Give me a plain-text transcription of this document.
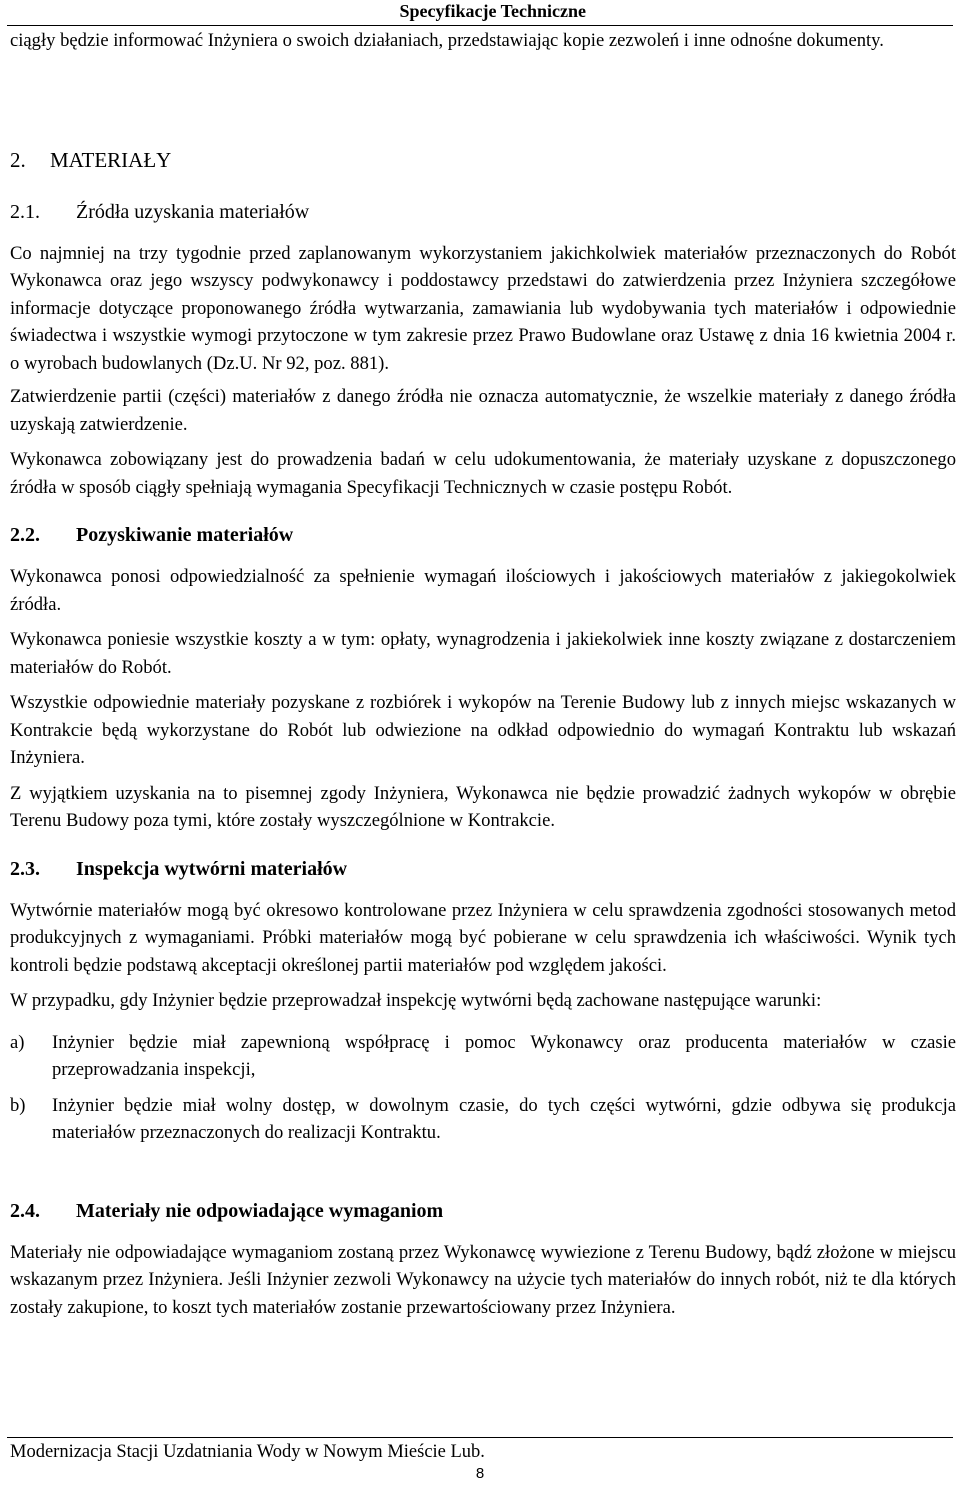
Specyfikacje Techniczne

ciągły będzie informować Inżyniera o swoich działaniach, przedstawiając kopie zezwoleń i inne odnośne dokumenty.

2. MATERIAŁY
2.1.	Źródła uzyskania materiałów

Co najmniej na trzy tygodnie przed zaplanowanym wykorzystaniem jakichkolwiek materiałów przeznaczonych do Robót Wykonawca oraz jego wszyscy podwykonawcy i poddostawcy przedstawi do zatwierdzenia przez Inżyniera szczegółowe informacje dotyczące proponowanego źródła wytwarzania, zamawiania lub wydobywania tych materiałów i odpowiednie świadectwa i wszystkie wymogi przytoczone w tym zakresie przez Prawo Budowlane oraz Ustawę z dnia 16 kwietnia 2004 r. o wyrobach budowlanych (Dz.U. Nr 92, poz. 881).

Zatwierdzenie partii (części) materiałów z danego źródła nie oznacza automatycznie, że wszelkie materiały z danego źródła uzyskają zatwierdzenie.

Wykonawca zobowiązany jest do prowadzenia badań w celu udokumentowania, że materiały uzyskane z dopuszczonego źródła w sposób ciągły spełniają wymagania Specyfikacji Technicznych w czasie postępu Robót.

2.2.	Pozyskiwanie materiałów

Wykonawca ponosi odpowiedzialność za spełnienie wymagań ilościowych i jakościowych materiałów z jakiegokolwiek źródła.

Wykonawca poniesie wszystkie koszty a w tym: opłaty, wynagrodzenia i jakiekolwiek inne koszty związane z dostarczeniem materiałów do Robót.

Wszystkie odpowiednie materiały pozyskane z rozbiórek i wykopów na Terenie Budowy lub z innych miejsc wskazanych w Kontrakcie będą wykorzystane do Robót lub odwiezione na odkład odpowiednio do wymagań Kontraktu lub wskazań Inżyniera.

Z wyjątkiem uzyskania na to pisemnej zgody Inżyniera, Wykonawca nie będzie prowadzić żadnych wykopów w obrębie Terenu Budowy poza tymi, które zostały wyszczególnione w Kontrakcie.

2.3.	Inspekcja wytwórni materiałów

Wytwórnie materiałów mogą być okresowo kontrolowane przez Inżyniera w celu sprawdzenia zgodności stosowanych metod produkcyjnych z wymaganiami. Próbki materiałów mogą być pobierane w celu sprawdzenia ich właściwości. Wynik tych kontroli będzie podstawą akceptacji określonej partii materiałów pod względem jakości.

W przypadku, gdy Inżynier będzie przeprowadzał inspekcję wytwórni będą zachowane następujące warunki:

a)	Inżynier będzie miał zapewnioną współpracę i pomoc Wykonawcy oraz producenta materiałów w czasie przeprowadzania inspekcji,
b)	Inżynier będzie miał wolny dostęp, w dowolnym czasie, do tych części wytwórni, gdzie odbywa się produkcja materiałów przeznaczonych do realizacji Kontraktu.
2.4.	Materiały nie odpowiadające wymaganiom

Materiały nie odpowiadające wymaganiom zostaną przez Wykonawcę wywiezione z Terenu Budowy, bądź złożone w miejscu wskazanym przez Inżyniera. Jeśli Inżynier zezwoli Wykonawcy na użycie tych materiałów do innych robót, niż te dla których zostały zakupione, to koszt tych materiałów zostanie przewartościowany przez Inżyniera.

Modernizacja Stacji Uzdatniania Wody w Nowym Mieście Lub.
8
